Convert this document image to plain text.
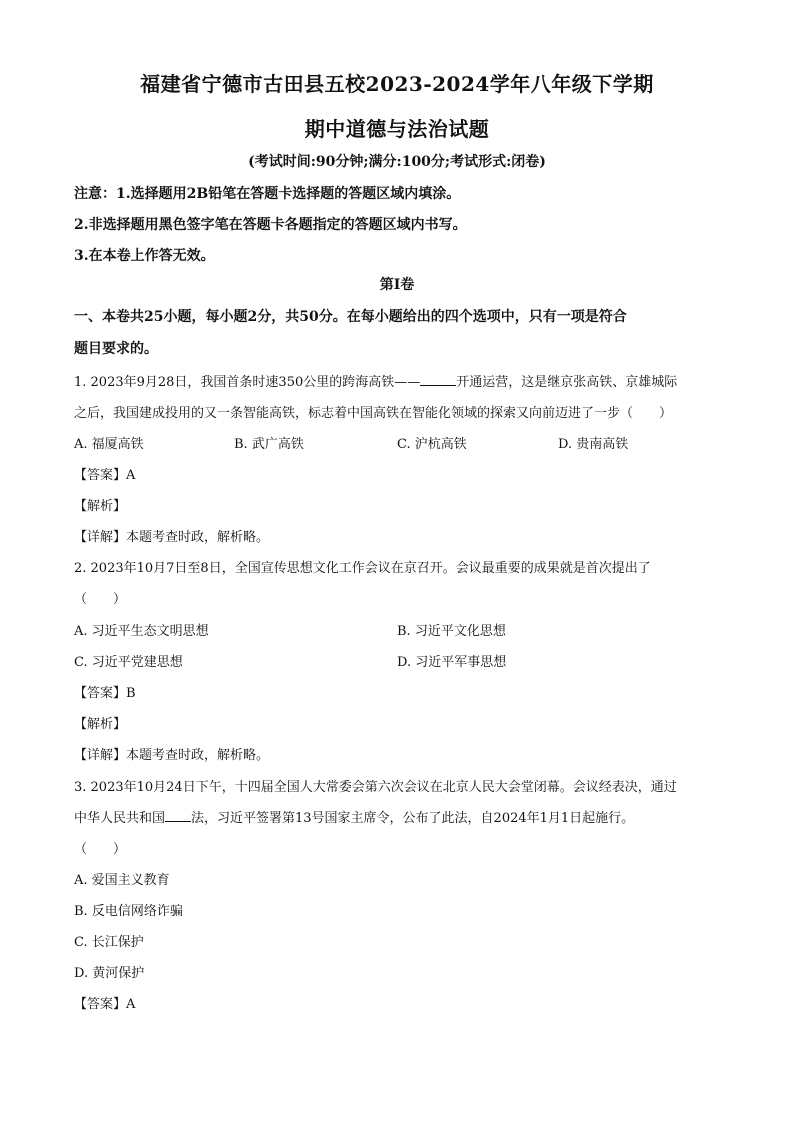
福建省宁德市古田县五校2023-2024学年八年级下学期
期中道德与法治试题
(考试时间:90分钟;满分:100分;考试形式:闭卷)
注意：1.选择题用2B铅笔在答题卡选择题的答题区域内填涂。
2.非选择题用黑色签字笔在答题卡各题指定的答题区域内书写。
3.在本卷上作答无效。
第Ⅰ卷
一、本卷共25小题，每小题2分，共50分。在每小题给出的四个选项中，只有一项是符合
题目要求的。
1. 2023年9月28日，我国首条时速350公里的跨海高铁——	开通运营，这是继京张高铁、京雄城际
之后，我国建成投用的又一条智能高铁，标志着中国高铁在智能化领域的探索又向前迈进了一步（　　）
A. 福厦高铁	B. 武广高铁	C. 沪杭高铁	D. 贵南高铁
【答案】A
【解析】
【详解】本题考查时政，解析略。
2. 2023年10月7日至8日，全国宣传思想文化工作会议在京召开。会议最重要的成果就是首次提出了
（　　）
A. 习近平生态文明思想	B. 习近平文化思想
C. 习近平党建思想	D. 习近平军事思想
【答案】B
【解析】
【详解】本题考查时政，解析略。
3. 2023年10月24日下午，十四届全国人大常委会第六次会议在北京人民大会堂闭幕。会议经表决，通过
中华人民共和国 法，习近平签署第13号国家主席令，公布了此法，自2024年1月1日起施行。
（　　）
A. 爱国主义教育
B. 反电信网络诈骗
C. 长江保护
D. 黄河保护
【答案】A
